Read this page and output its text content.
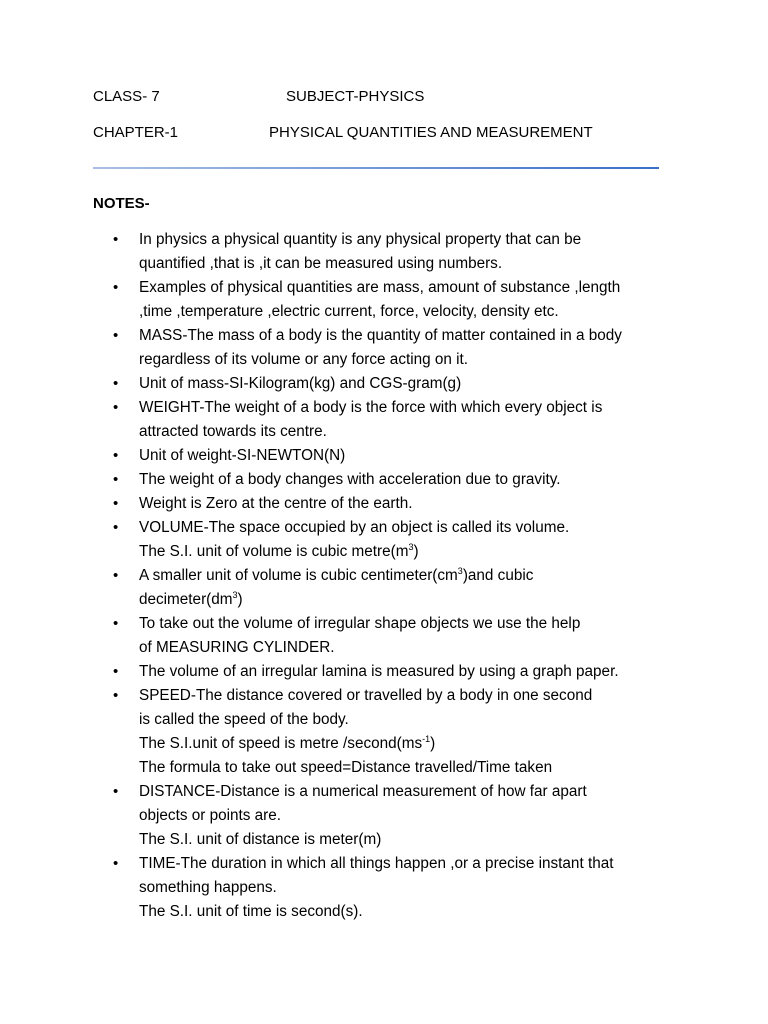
CLASS- 7	SUBJECT-PHYSICS
CHAPTER-1	PHYSICAL QUANTITIES AND MEASUREMENT
NOTES-
• In physics a physical quantity is any physical property that can be
quantified ,that is ,it can be measured using numbers.
• Examples of physical quantities are mass, amount of substance ,length
,time ,temperature ,electric current, force, velocity, density etc.
• MASS-The mass of a body is the quantity of matter contained in a body
regardless of its volume or any force acting on it.
• Unit of mass-SI-Kilogram(kg) and CGS-gram(g)
• WEIGHT-The weight of a body is the force with which every object is
attracted towards its centre.
• Unit of weight-SI-NEWTON(N)
• The weight of a body changes with acceleration due to gravity.
• Weight is Zero at the centre of the earth.
• VOLUME-The space occupied by an object is called its volume.
The S.I. unit of volume is cubic $metre(m^3)$
• A smaller unit of volume is cubic $centimeter(cm^3)and$ cubic
$decimeter(dm^3)$
• To take out the volume of irregular shape objects we use the help
of MEASURING CYLINDER.
• The volume of an irregular lamina is measured by using a graph paper.
• SPEED-The distance covered or travelled by a body in one second
is called the speed of the body.
The S.I.unit of speed is metre $/second(ms^{-1})$
The formula to take out speed=Distance travelled/Time taken
• DISTANCE-Distance is a numerical measurement of how far apart
objects or points are.
The S.I. unit of distance is meter(m)
• TIME-The duration in which all things happen ,or a precise instant that
something happens.
The S.I. unit of time is second(s).
